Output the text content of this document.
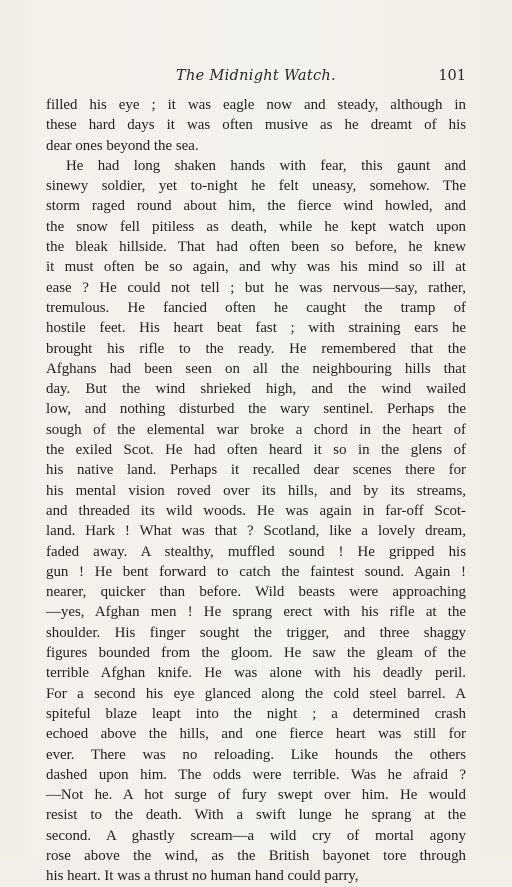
The Midnight Watch.	101
filled his eye ; it was eagle now and steady, although in
these hard days it was often musive as he dreamt of his
dear ones beyond the sea.
He had long shaken hands with fear, this gaunt and
sinewy soldier, yet to-night he felt uneasy, somehow. The
storm raged round about him, the fierce wind howled, and
the snow fell pitiless as death, while he kept watch upon
the bleak hillside. That had often been so before, he knew
it must often be so again, and why was his mind so ill at
ease ? He could not tell ; but he was nervous—say, rather,
tremulous. He fancied often he caught the tramp of
hostile feet. His heart beat fast ; with straining ears he
brought his rifle to the ready. He remembered that the
Afghans had been seen on all the neighbouring hills that
day. But the wind shrieked high, and the wind wailed
low, and nothing disturbed the wary sentinel. Perhaps the
sough of the elemental war broke a chord in the heart of
the exiled Scot. He had often heard it so in the glens of
his native land. Perhaps it recalled dear scenes there for
his mental vision roved over its hills, and by its streams,
and threaded its wild woods. He was again in far-off Scot-
land. Hark ! What was that ? Scotland, like a lovely dream,
faded away. A stealthy, muffled sound ! He gripped his
gun ! He bent forward to catch the faintest sound. Again !
nearer, quicker than before. Wild beasts were approaching
—yes, Afghan men ! He sprang erect with his rifle at the
shoulder. His finger sought the trigger, and three shaggy
figures bounded from the gloom. He saw the gleam of the
terrible Afghan knife. He was alone with his deadly peril.
For a second his eye glanced along the cold steel barrel. A
spiteful blaze leapt into the night ; a determined crash
echoed above the hills, and one fierce heart was still for
ever. There was no reloading. Like hounds the others
dashed upon him. The odds were terrible. Was he afraid ?
—Not he. A hot surge of fury swept over him. He would
resist to the death. With a swift lunge he sprang at the
second. A ghastly scream—a wild cry of mortal agony
rose above the wind, as the British bayonet tore through
his heart. It was a thrust no human hand could parry,
